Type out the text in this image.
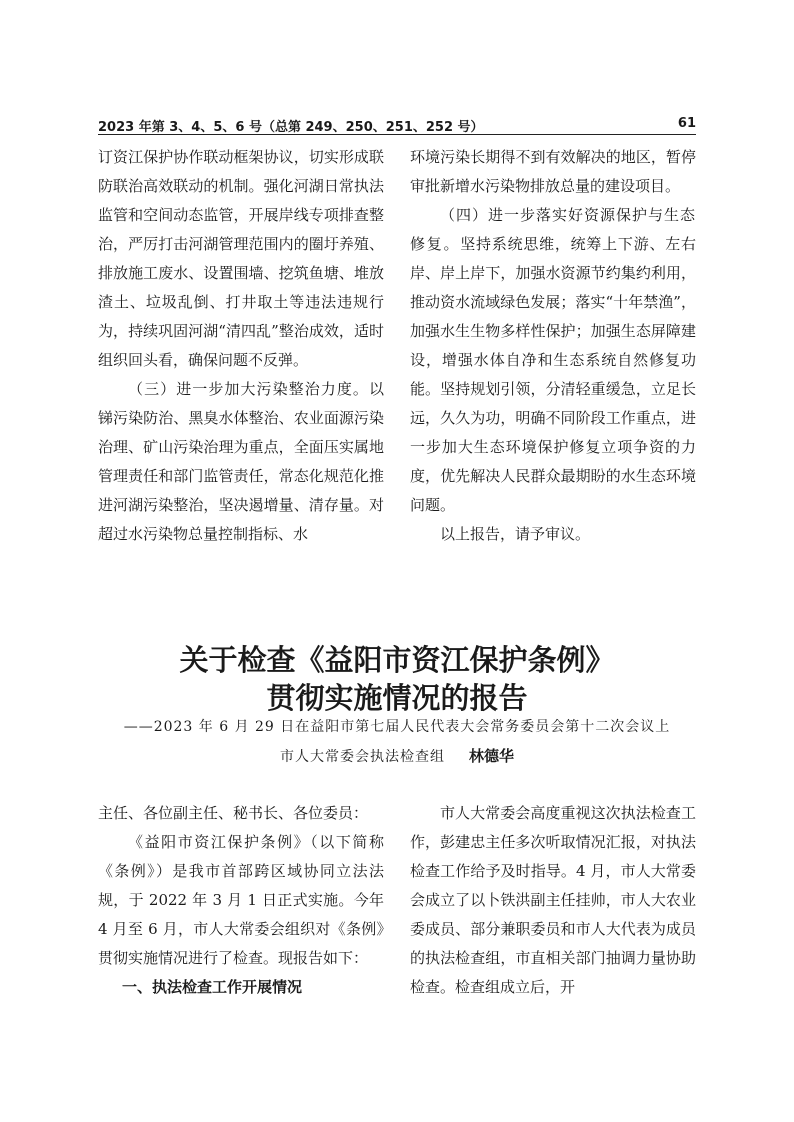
2023 年第 3、4、5、6 号（总第 249、250、251、252 号）	61

订资江保护协作联动框架协议，切实形成联防联治高效联动的机制。强化河湖日常执法监管和空间动态监管，开展岸线专项排查整治，严厉打击河湖管理范围内的圈圩养殖、排放施工废水、设置围墙、挖筑鱼塘、堆放渣土、垃圾乱倒、打井取土等违法违规行为，持续巩固河湖“清四乱”整治成效，适时组织回头看，确保问题不反弹。

（三）进一步加大污染整治力度。以锑污染防治、黑臭水体整治、农业面源污染治理、矿山污染治理为重点，全面压实属地管理责任和部门监管责任，常态化规范化推进河湖污染整治，坚决遏增量、清存量。对超过水污染物总量控制指标、水

环境污染长期得不到有效解决的地区，暂停审批新增水污染物排放总量的建设项目。

（四）进一步落实好资源保护与生态修复。坚持系统思维，统筹上下游、左右岸、岸上岸下，加强水资源节约集约利用，推动资水流域绿色发展；落实“十年禁渔”，加强水生生物多样性保护；加强生态屏障建设，增强水体自净和生态系统自然修复功能。坚持规划引领，分清轻重缓急，立足长远，久久为功，明确不同阶段工作重点，进一步加大生态环境保护修复立项争资的力度，优先解决人民群众最期盼的水生态环境问题。

以上报告，请予审议。

关于检查《益阳市资江保护条例》
贯彻实施情况的报告
——2023 年 6 月 29 日在益阳市第七届人民代表大会常务委员会第十二次会议上
市人大常委会执法检查组 林德华

主任、各位副主任、秘书长、各位委员：

《益阳市资江保护条例》（以下简称《条例》）是我市首部跨区域协同立法法规，于 2022 年 3 月 1 日正式实施。今年 4 月至 6 月，市人大常委会组织对《条例》贯彻实施情况进行了检查。现报告如下：

一、执法检查工作开展情况

市人大常委会高度重视这次执法检查工作，彭建忠主任多次听取情况汇报，对执法检查工作给予及时指导。4 月，市人大常委会成立了以卜铁洪副主任挂帅，市人大农业委成员、部分兼职委员和市人大代表为成员的执法检查组，市直相关部门抽调力量协助检查。检查组成立后，开
